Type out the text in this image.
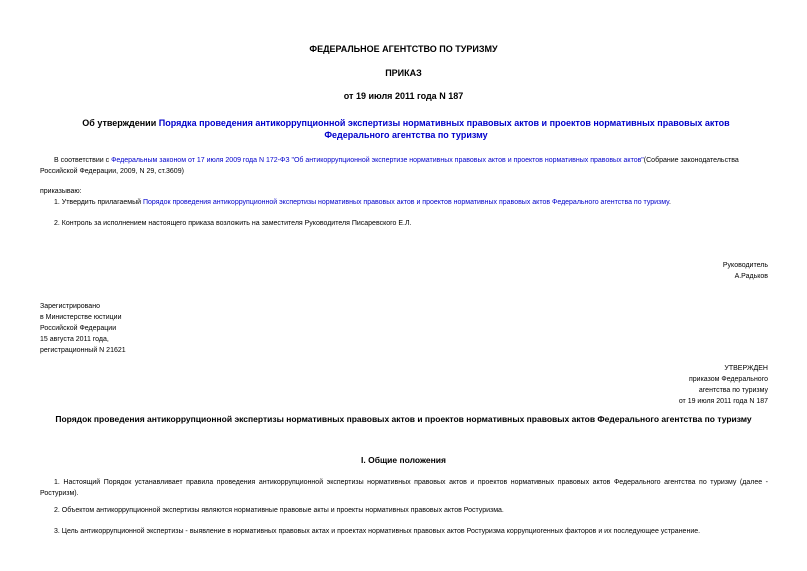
ФЕДЕРАЛЬНОЕ АГЕНТСТВО ПО ТУРИЗМУ
ПРИКАЗ
от 19 июля 2011 года N 187
Об утверждении Порядка проведения антикоррупционной экспертизы нормативных правовых актов и проектов нормативных правовых актов Федерального агентства по туризму
В соответствии с Федеральным законом от 17 июля 2009 года N 172-ФЗ "Об антикоррупционной экспертизе нормативных правовых актов и проектов нормативных правовых актов"(Собрание законодательства Российской Федерации, 2009, N 29, ст.3609)
приказываю:
1. Утвердить прилагаемый Порядок проведения антикоррупционной экспертизы нормативных правовых актов и проектов нормативных правовых актов Федерального агентства по туризму.
2. Контроль за исполнением настоящего приказа возложить на заместителя Руководителя Писаревского Е.Л.
Руководитель
А.Радьков
Зарегистрировано
в Министерстве юстиции
Российской Федерации
15 августа 2011 года,
регистрационный N 21621
УТВЕРЖДЕН
приказом Федерального
агентства по туризму
от 19 июля 2011 года N 187
Порядок проведения антикоррупционной экспертизы нормативных правовых актов и проектов нормативных правовых актов Федерального агентства по туризму
I. Общие положения
1. Настоящий Порядок устанавливает правила проведения антикоррупционной экспертизы нормативных правовых актов и проектов нормативных правовых актов Федерального агентства по туризму (далее - Ростуризм).
2. Объектом антикоррупционной экспертизы являются нормативные правовые акты и проекты нормативных правовых актов Ростуризма.
3. Цель антикоррупционной экспертизы - выявление в нормативных правовых актах и проектах нормативных правовых актов Ростуризма коррупциогенных факторов и их последующее устранение.
